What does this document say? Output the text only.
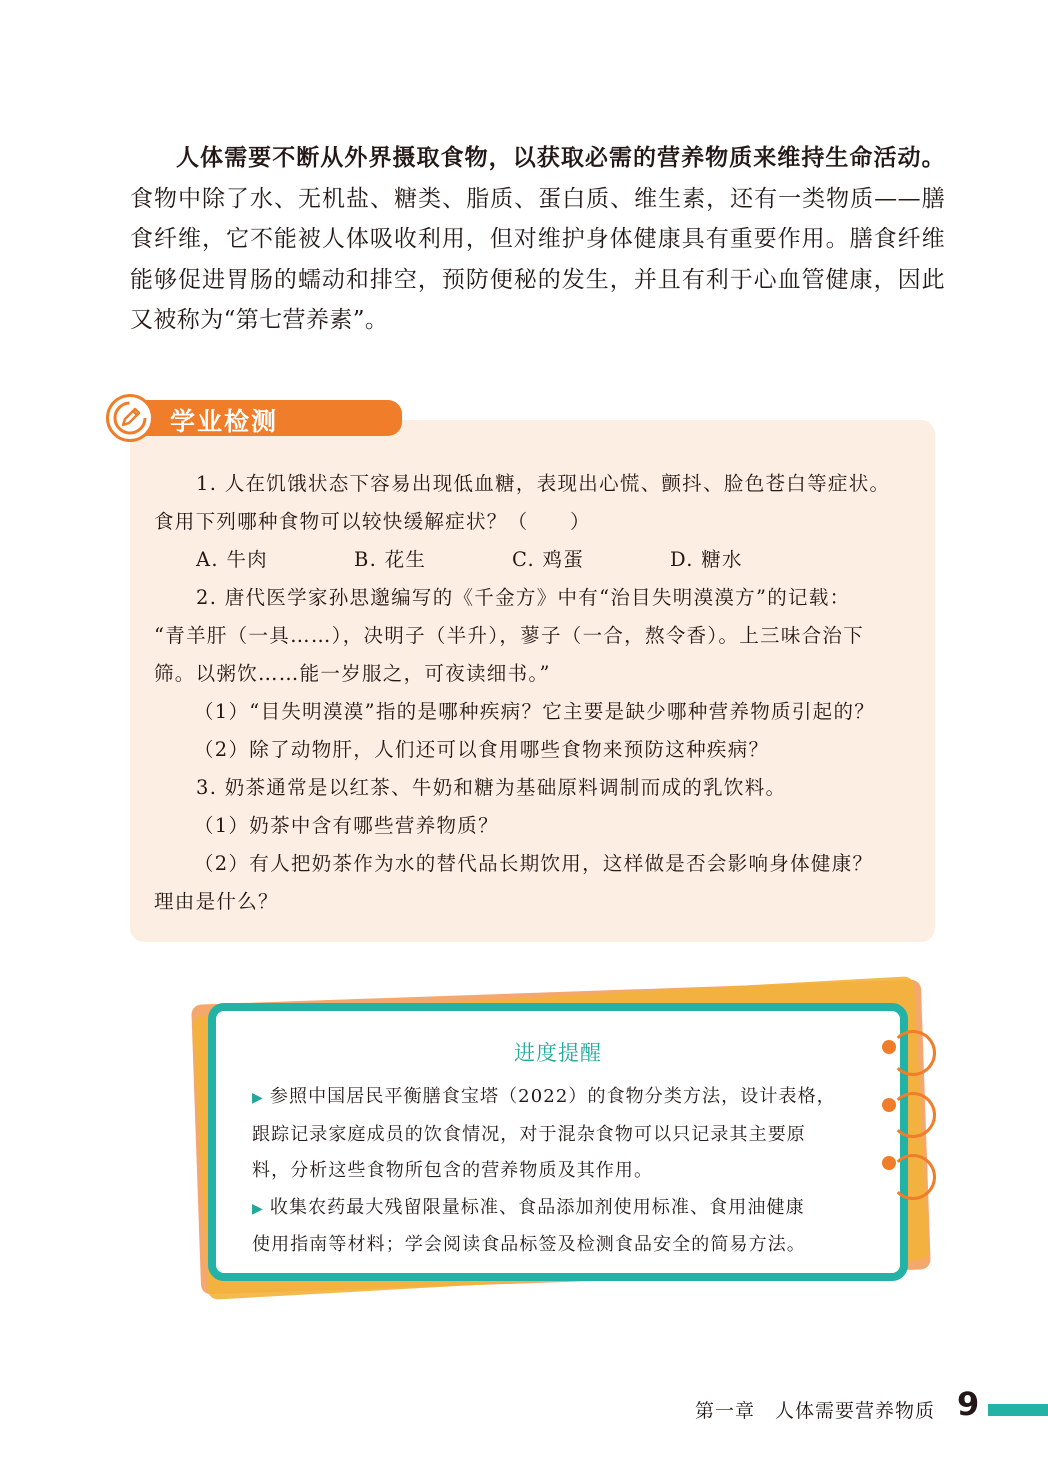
人体需要不断从外界摄取食物，以获取必需的营养物质来维持生命活动。食物中除了水、无机盐、糖类、脂质、蛋白质、维生素，还有一类物质——膳食纤维，它不能被人体吸收利用，但对维护身体健康具有重要作用。膳食纤维能够促进胃肠的蠕动和排空，预防便秘的发生，并且有利于心血管健康，因此又被称为“第七营养素”。

学业检测
1. 人在饥饿状态下容易出现低血糖，表现出心慌、颤抖、脸色苍白等症状。
食用下列哪种食物可以较快缓解症状？（　　）
A. 牛肉	B. 花生	C. 鸡蛋	D. 糖水
2. 唐代医学家孙思邈编写的《千金方》中有“治目失明漠漠方”的记载：
“青羊肝（一具……），决明子（半升），蓼子（一合，熬令香）。上三味合治下
筛。以粥饮……能一岁服之，可夜读细书。”
（1）“目失明漠漠”指的是哪种疾病？它主要是缺少哪种营养物质引起的？
（2）除了动物肝，人们还可以食用哪些食物来预防这种疾病？
3. 奶茶通常是以红茶、牛奶和糖为基础原料调制而成的乳饮料。
（1）奶茶中含有哪些营养物质？
（2）有人把奶茶作为水的替代品长期饮用，这样做是否会影响身体健康？
理由是什么？
进度提醒
▶ 参照中国居民平衡膳食宝塔（2022）的食物分类方法，设计表格，
跟踪记录家庭成员的饮食情况，对于混杂食物可以只记录其主要原
料，分析这些食物所包含的营养物质及其作用。
▶ 收集农药最大残留限量标准、食品添加剂使用标准、食用油健康
使用指南等材料；学会阅读食品标签及检测食品安全的简易方法。
第一章　人体需要营养物质 9
